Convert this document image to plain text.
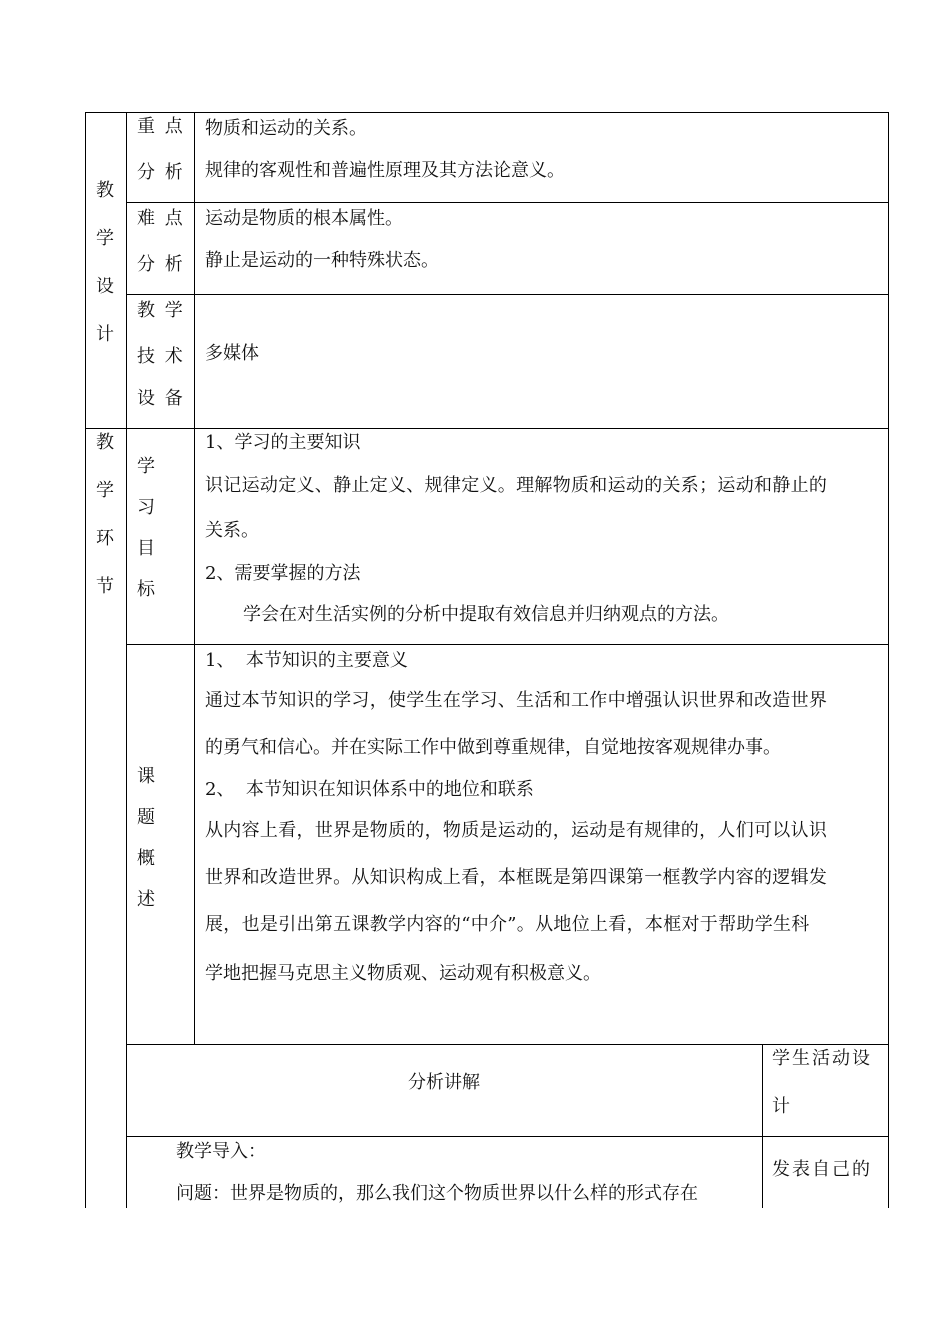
教
学
设
计
重 点
分 析
物质和运动的关系。
规律的客观性和普遍性原理及其方法论意义。
难 点
分 析
运动是物质的根本属性。
静止是运动的一种特殊状态。
教 学
技 术
设 备
多媒体
教
学
环
节
学
习
目
标
1、学习的主要知识
识记运动定义、静止定义、规律定义。理解物质和运动的关系；运动和静止的
关系。
2、需要掌握的方法
学会在对生活实例的分析中提取有效信息并归纳观点的方法。
课
题
概
述
1、  本节知识的主要意义
通过本节知识的学习，使学生在学习、生活和工作中增强认识世界和改造世界
的勇气和信心。并在实际工作中做到尊重规律，自觉地按客观规律办事。
2、  本节知识在知识体系中的地位和联系
从内容上看，世界是物质的，物质是运动的，运动是有规律的，人们可以认识
世界和改造世界。从知识构成上看，本框既是第四课第一框教学内容的逻辑发
展，也是引出第五课教学内容的“中介”。从地位上看，本框对于帮助学生科
学地把握马克思主义物质观、运动观有积极意义。
分析讲解
学生活动设
计
教学导入：
问题：世界是物质的，那么我们这个物质世界以什么样的形式存在
发表自己的
